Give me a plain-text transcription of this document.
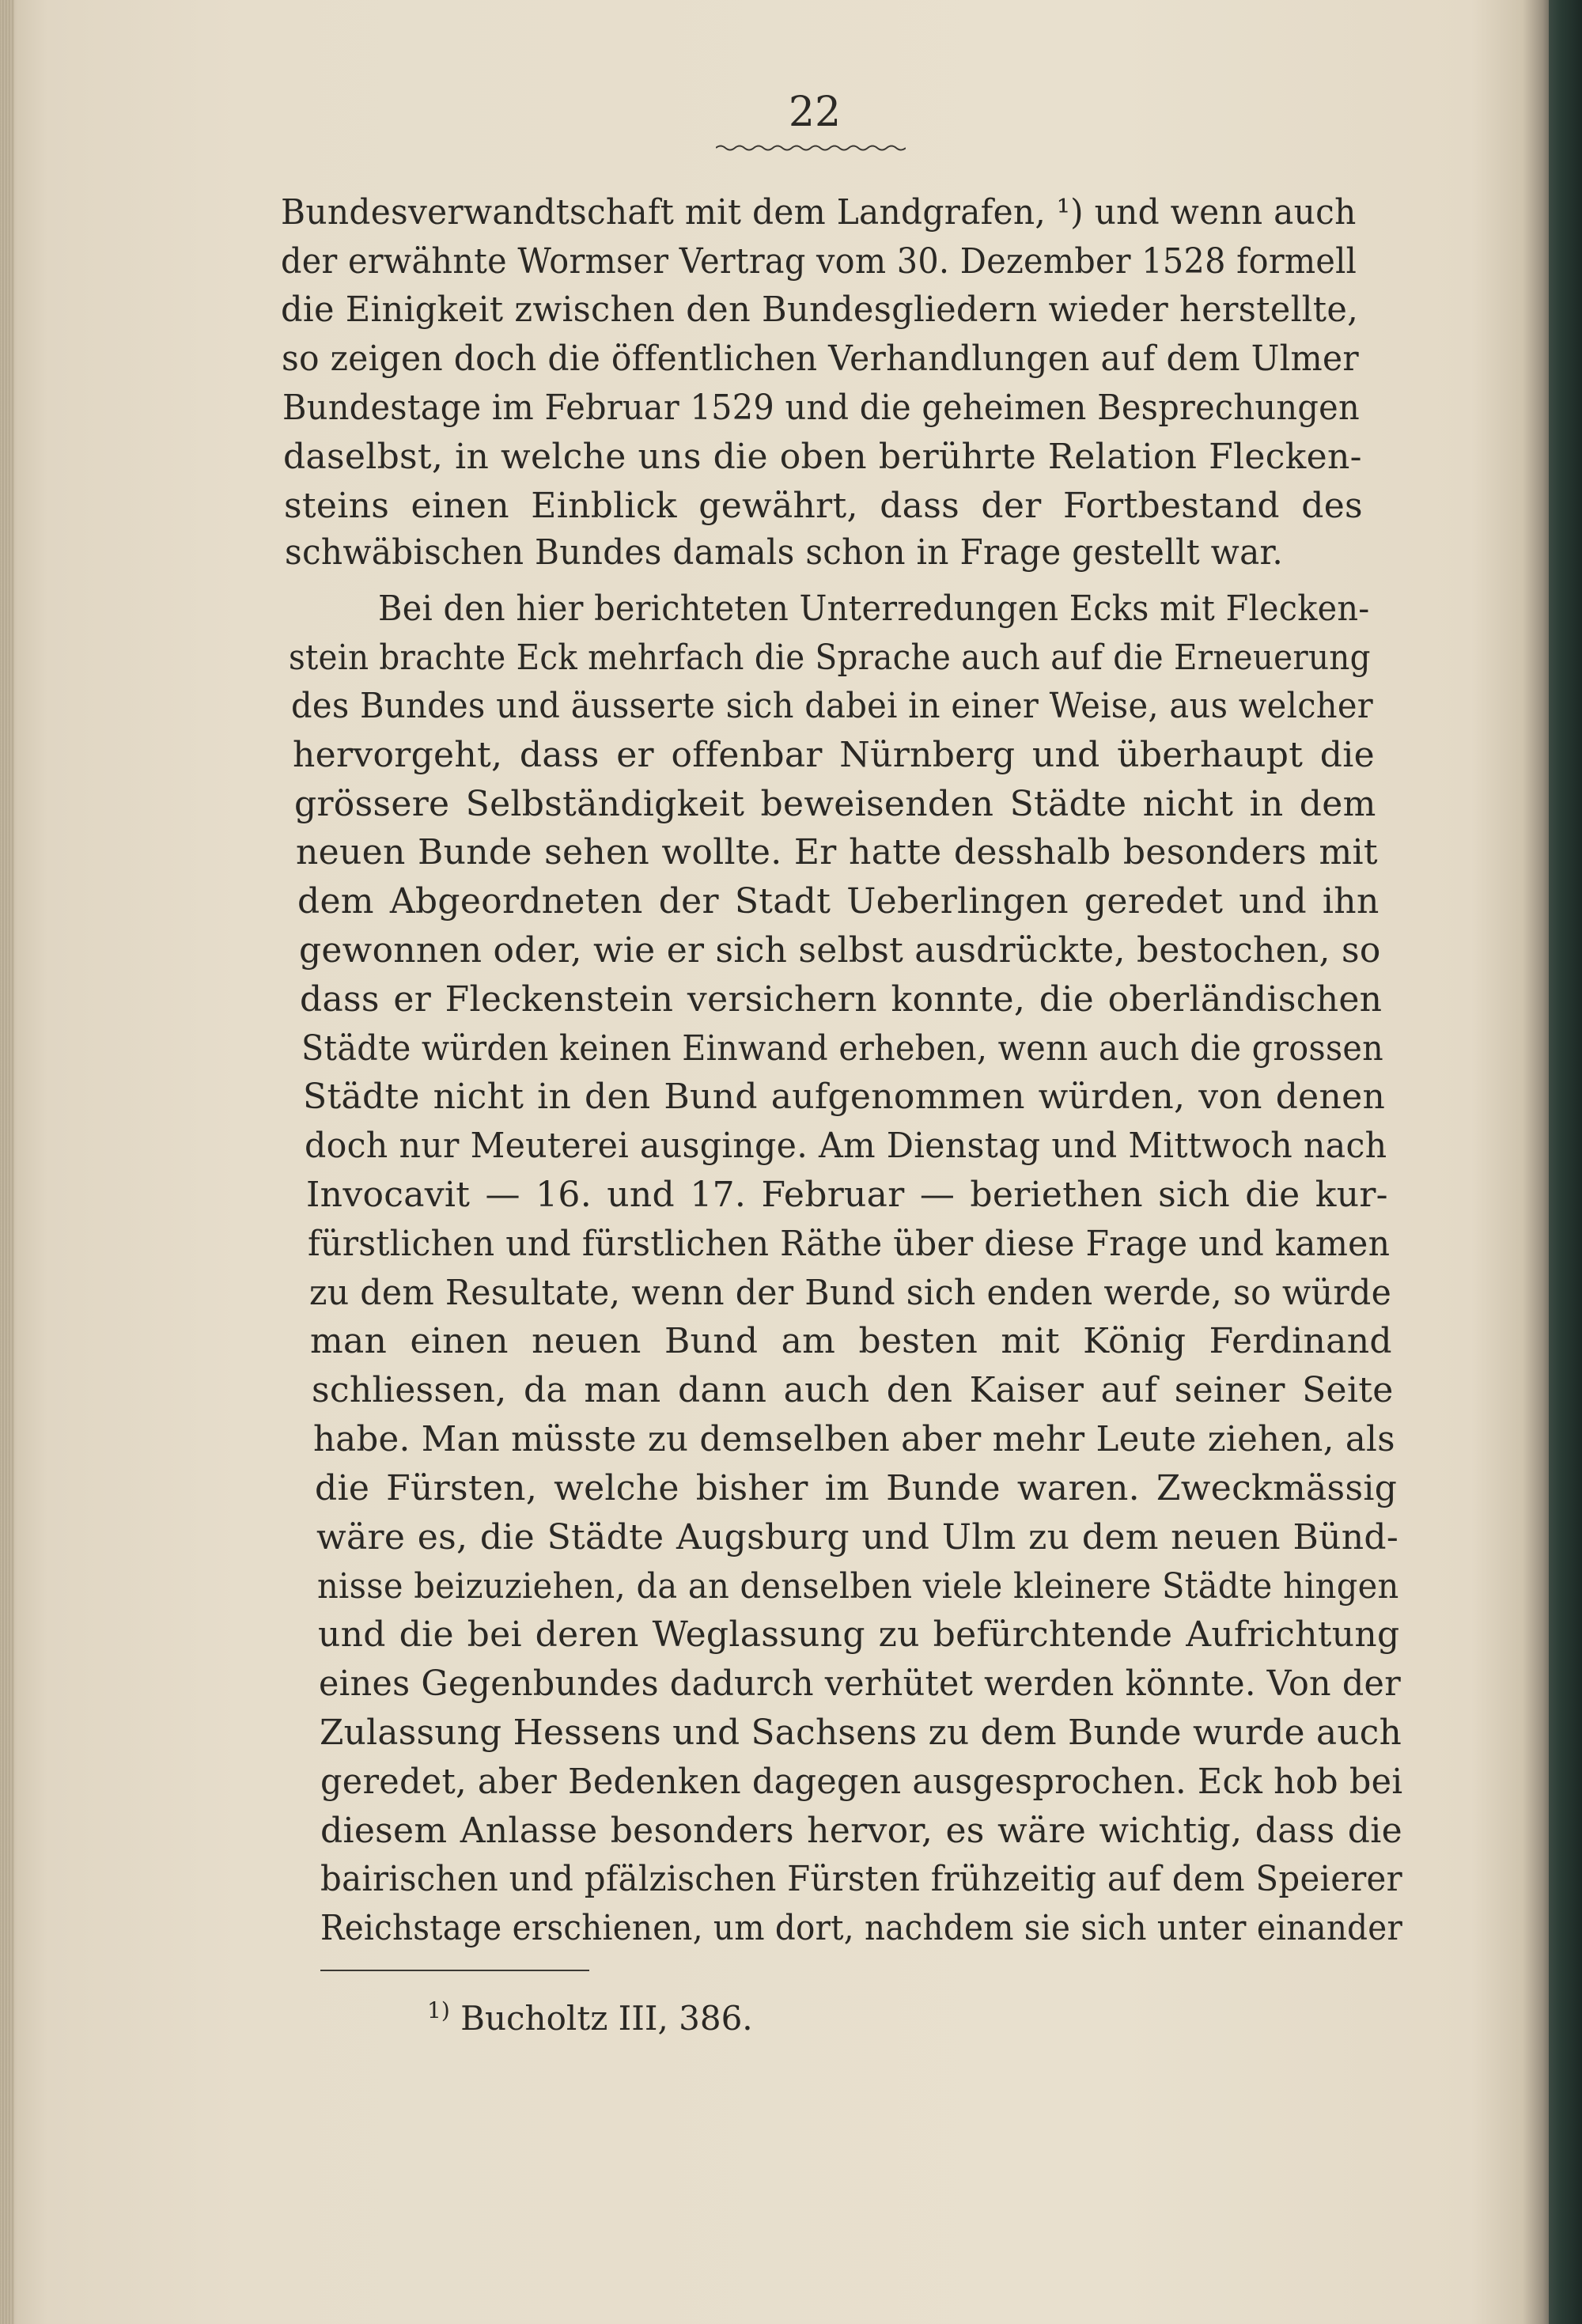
22
Bundesverwandtschaft mit dem Landgrafen, ¹) und wenn auch
der erwähnte Wormser Vertrag vom 30. Dezember 1528 formell
die Einigkeit zwischen den Bundesgliedern wieder herstellte,
so zeigen doch die öffentlichen Verhandlungen auf dem Ulmer
Bundestage im Februar 1529 und die geheimen Besprechungen
daselbst, in welche uns die oben berührte Relation Flecken-
steins einen Einblick gewährt, dass der Fortbestand des
schwäbischen Bundes damals schon in Frage gestellt war.
Bei den hier berichteten Unterredungen Ecks mit Flecken-
stein brachte Eck mehrfach die Sprache auch auf die Erneuerung
des Bundes und äusserte sich dabei in einer Weise, aus welcher
hervorgeht, dass er offenbar Nürnberg und überhaupt die
grössere Selbständigkeit beweisenden Städte nicht in dem
neuen Bunde sehen wollte. Er hatte desshalb besonders mit
dem Abgeordneten der Stadt Ueberlingen geredet und ihn
gewonnen oder, wie er sich selbst ausdrückte, bestochen, so
dass er Fleckenstein versichern konnte, die oberländischen
Städte würden keinen Einwand erheben, wenn auch die grossen
Städte nicht in den Bund aufgenommen würden, von denen
doch nur Meuterei ausginge. Am Dienstag und Mittwoch nach
Invocavit — 16. und 17. Februar — beriethen sich die kur-
fürstlichen und fürstlichen Räthe über diese Frage und kamen
zu dem Resultate, wenn der Bund sich enden werde, so würde
man einen neuen Bund am besten mit König Ferdinand
schliessen, da man dann auch den Kaiser auf seiner Seite
habe. Man müsste zu demselben aber mehr Leute ziehen, als
die Fürsten, welche bisher im Bunde waren. Zweckmässig
wäre es, die Städte Augsburg und Ulm zu dem neuen Bünd-
nisse beizuziehen, da an denselben viele kleinere Städte hingen
und die bei deren Weglassung zu befürchtende Aufrichtung
eines Gegenbundes dadurch verhütet werden könnte. Von der
Zulassung Hessens und Sachsens zu dem Bunde wurde auch
geredet, aber Bedenken dagegen ausgesprochen. Eck hob bei
diesem Anlasse besonders hervor, es wäre wichtig, dass die
bairischen und pfälzischen Fürsten frühzeitig auf dem Speierer
Reichstage erschienen, um dort, nachdem sie sich unter einander
$^{1)}$ Bucholtz III, 386.
